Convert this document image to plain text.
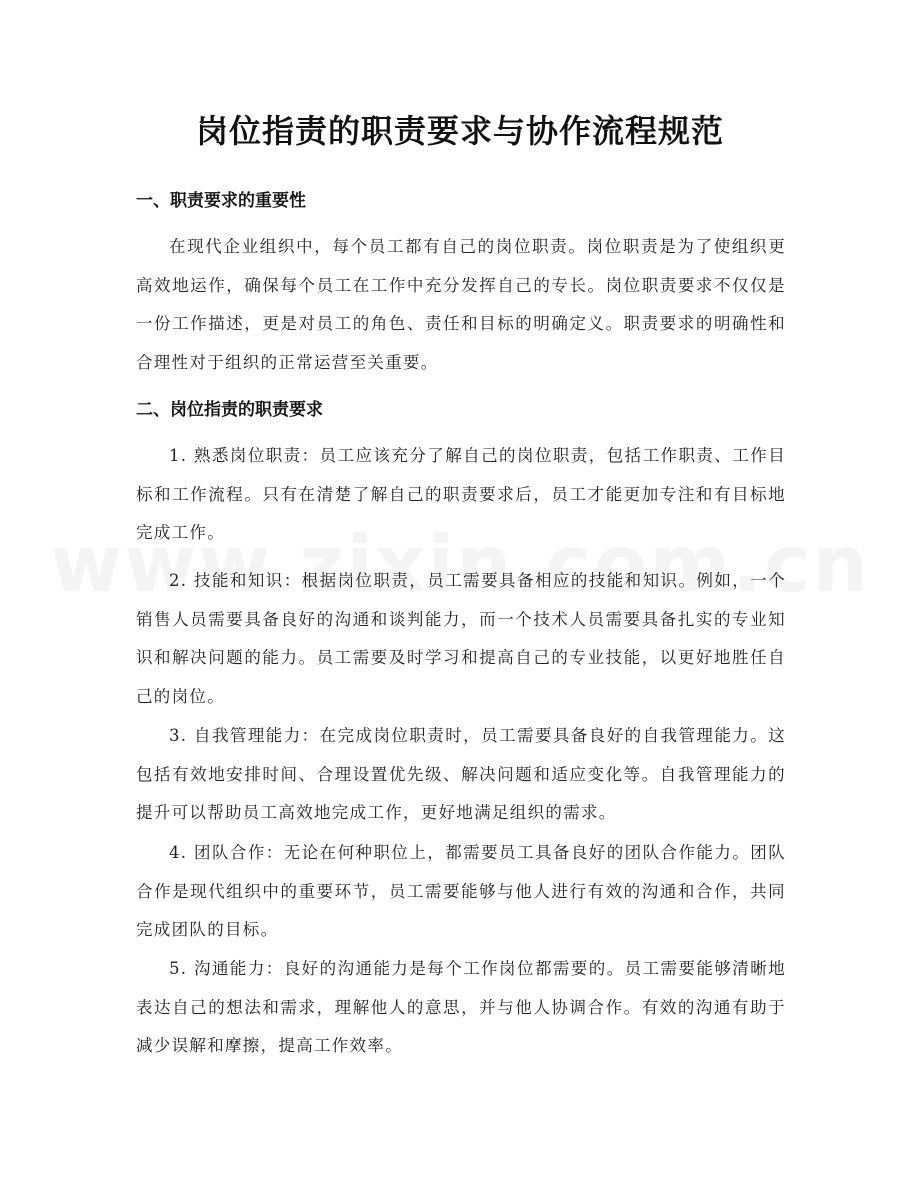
岗位指责的职责要求与协作流程规范
一、职责要求的重要性

在现代企业组织中，每个员工都有自己的岗位职责。岗位职责是为了使组织更高效地运作，确保每个员工在工作中充分发挥自己的专长。岗位职责要求不仅仅是一份工作描述，更是对员工的角色、责任和目标的明确定义。职责要求的明确性和合理性对于组织的正常运营至关重要。

二、岗位指责的职责要求

1. 熟悉岗位职责：员工应该充分了解自己的岗位职责，包括工作职责、工作目标和工作流程。只有在清楚了解自己的职责要求后，员工才能更加专注和有目标地完成工作。

2. 技能和知识：根据岗位职责，员工需要具备相应的技能和知识。例如，一个销售人员需要具备良好的沟通和谈判能力，而一个技术人员需要具备扎实的专业知识和解决问题的能力。员工需要及时学习和提高自己的专业技能，以更好地胜任自己的岗位。

3. 自我管理能力：在完成岗位职责时，员工需要具备良好的自我管理能力。这包括有效地安排时间、合理设置优先级、解决问题和适应变化等。自我管理能力的提升可以帮助员工高效地完成工作，更好地满足组织的需求。

4. 团队合作：无论在何种职位上，都需要员工具备良好的团队合作能力。团队合作是现代组织中的重要环节，员工需要能够与他人进行有效的沟通和合作，共同完成团队的目标。

5. 沟通能力：良好的沟通能力是每个工作岗位都需要的。员工需要能够清晰地表达自己的想法和需求，理解他人的意思，并与他人协调合作。有效的沟通有助于减少误解和摩擦，提高工作效率。
